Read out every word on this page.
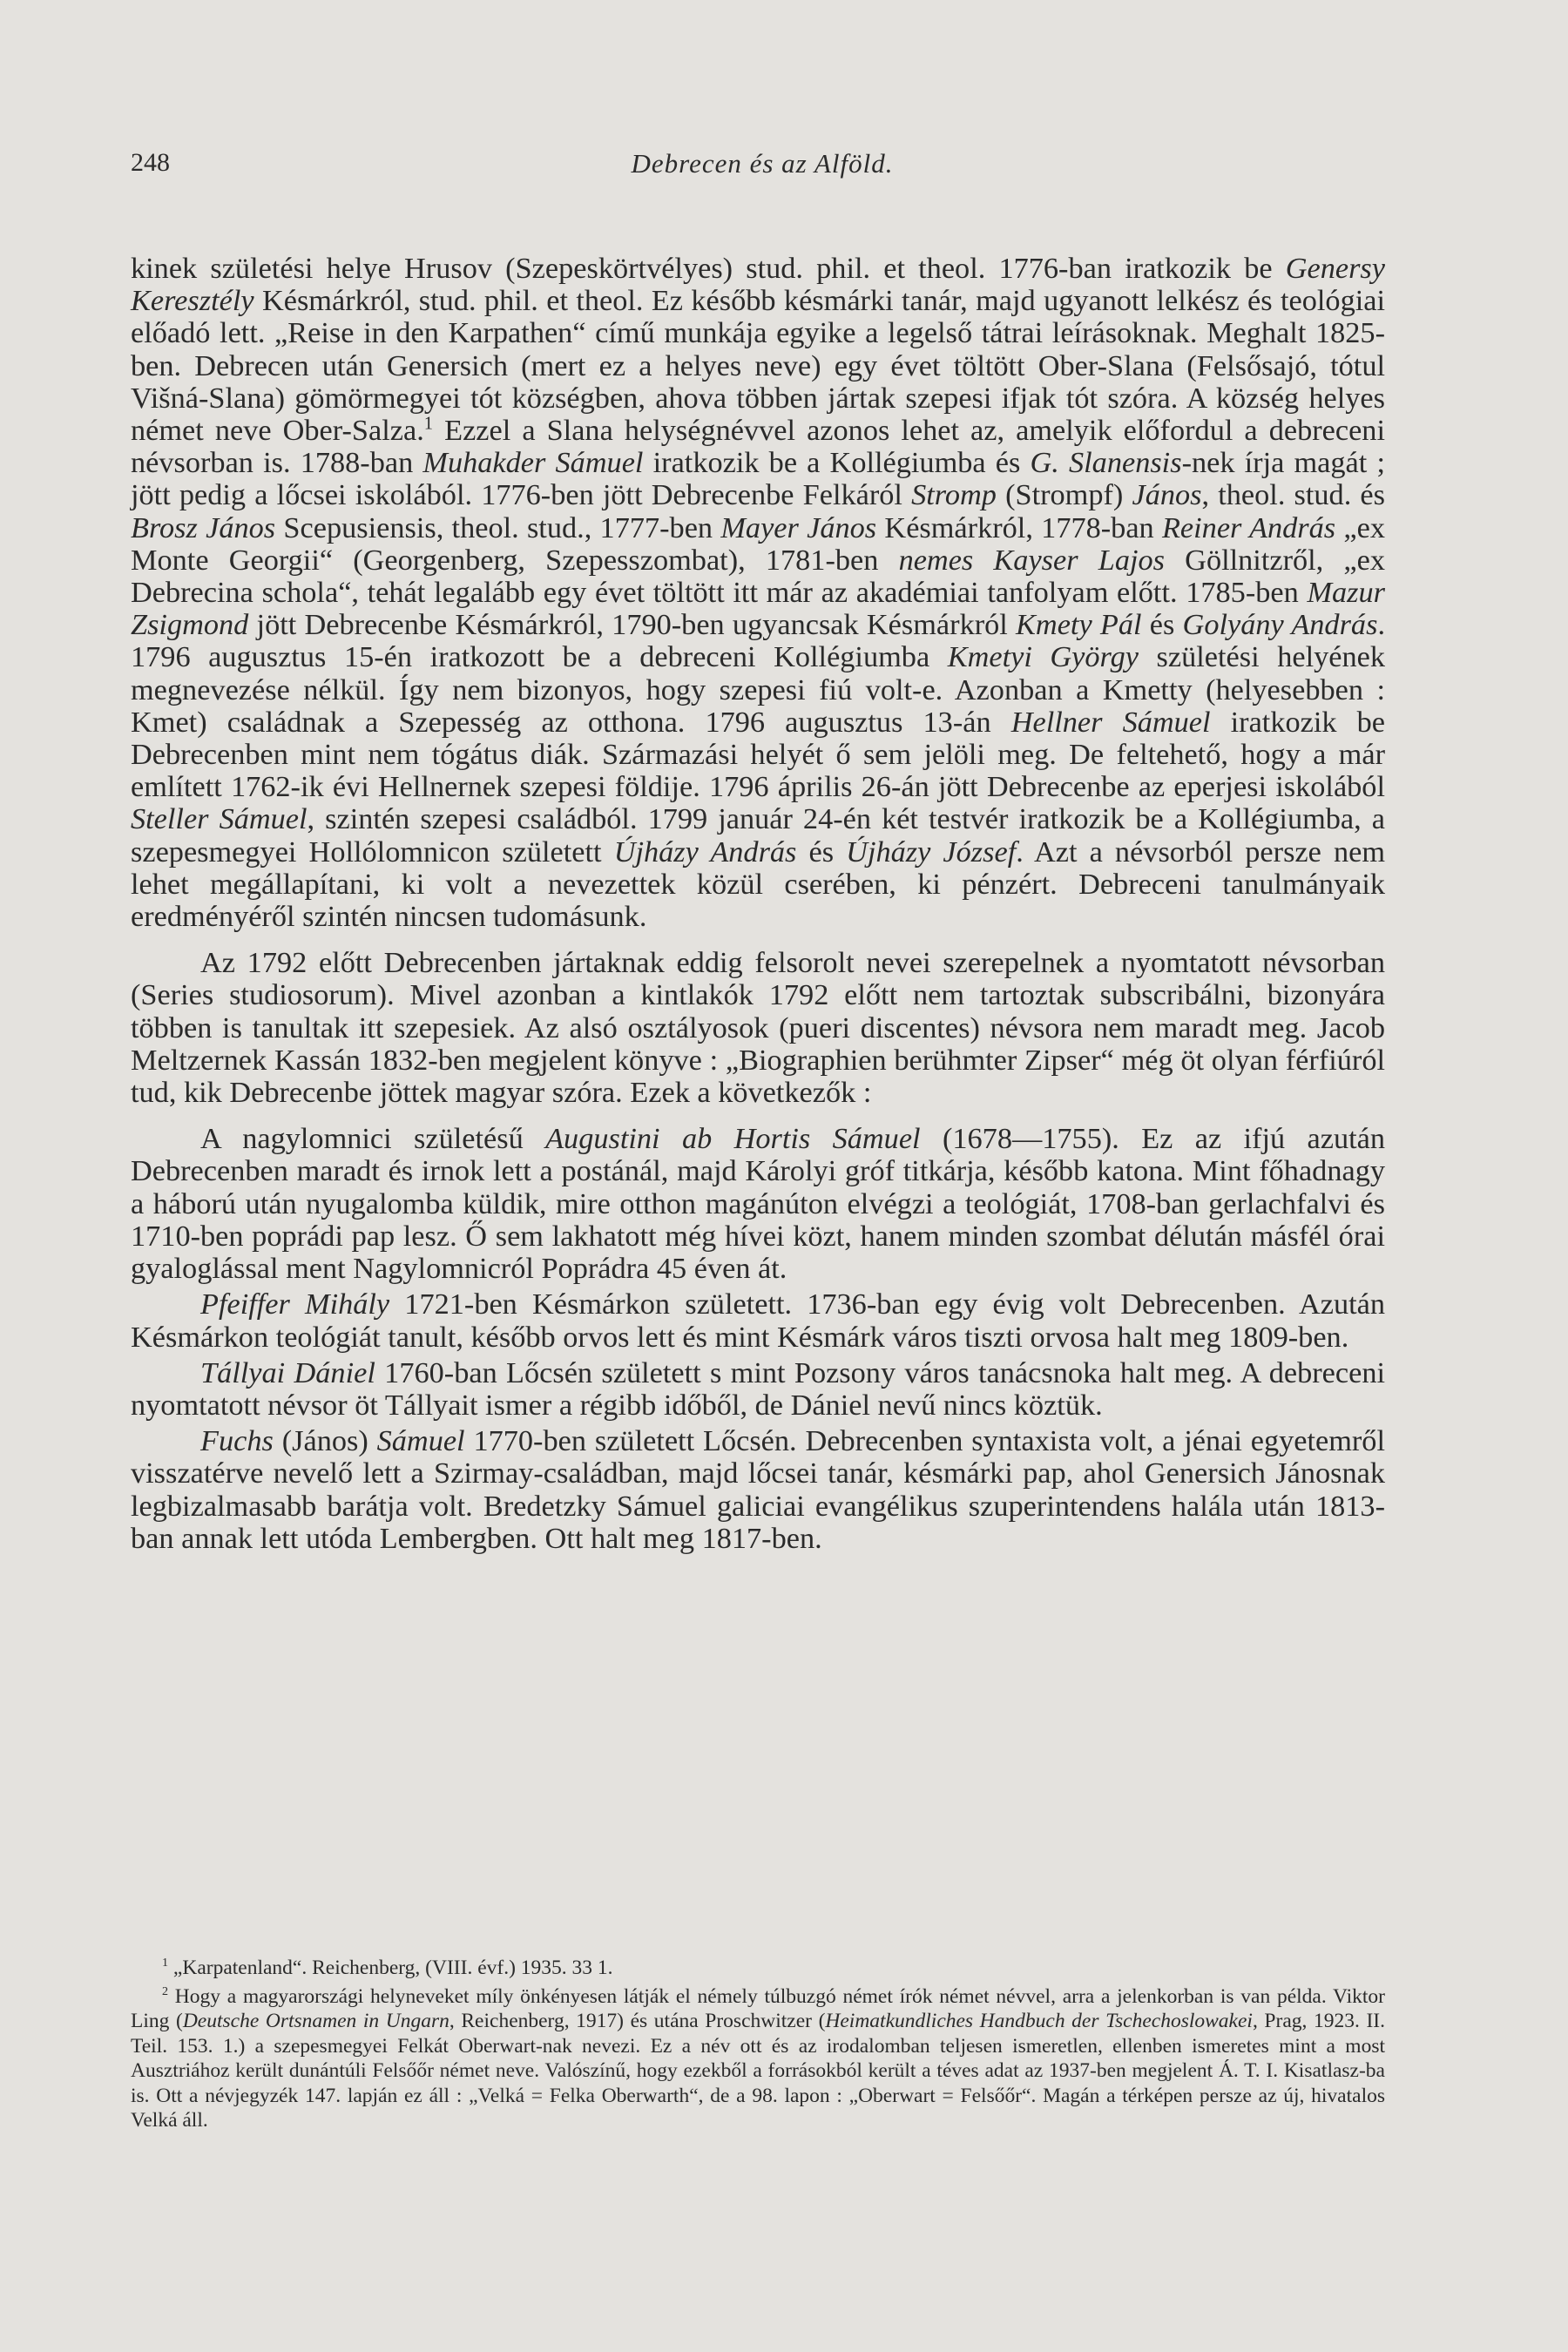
Debrecen és az Alföld.
248

kinek születési helye Hrusov (Szepeskörtvélyes) stud. phil. et theol. 1776-ban iratkozik be Genersy Keresztély Késmárkról, stud. phil. et theol. Ez később késmárki tanár, majd ugyanott lelkész és teológiai előadó lett. „Reise in den Karpathen“ című munkája egyike a legelső tátrai leírásoknak. Meghalt 1825-ben. Debrecen után Genersich (mert ez a helyes neve) egy évet töltött Ober-Slana (Felsősajó, tótul Višná-Slana) gömörmegyei tót községben, ahova többen jártak szepesi ifjak tót szóra. A község helyes német neve Ober-Salza.$^1$ Ezzel a Slana helységnévvel azonos lehet az, amelyik előfordul a debreceni névsorban is. 1788-ban Muhakder Sámuel iratkozik be a Kollégiumba és G. Slanensis-nek írja magát ; jött pedig a lőcsei iskolából. 1776-ben jött Debrecenbe Felkáról Stromp (Strompf) János, theol. stud. és Brosz János Scepusiensis, theol. stud., 1777-ben Mayer János Késmárkról, 1778-ban Reiner András „ex Monte Georgii“ (Georgenberg, Szepesszombat), 1781-ben nemes Kayser Lajos Göllnitzről, „ex Debrecina schola“, tehát legalább egy évet töltött itt már az akadémiai tanfolyam előtt. 1785-ben Mazur Zsigmond jött Debrecenbe Késmárkról, 1790-ben ugyancsak Késmárkról Kmety Pál és Golyány András. 1796 augusztus 15-én iratkozott be a debreceni Kollégiumba Kmetyi György születési helyének megnevezése nélkül. Így nem bizonyos, hogy szepesi fiú volt-e. Azonban a Kmetty (helyesebben : Kmet) családnak a Szepesség az otthona. 1796 augusztus 13-án Hellner Sámuel iratkozik be Debrecenben mint nem tógátus diák. Származási helyét ő sem jelöli meg. De feltehető, hogy a már említett 1762-ik évi Hellnernek szepesi földije. 1796 április 26-án jött Debrecenbe az eperjesi iskolából Steller Sámuel, szintén szepesi családból. 1799 január 24-én két testvér iratkozik be a Kollégiumba, a szepesmegyei Hollólomnicon született Újházy András és Újházy József. Azt a névsorból persze nem lehet megállapítani, ki volt a nevezettek közül cserében, ki pénzért. Debreceni tanulmányaik eredményéről szintén nincsen tudomásunk.

Az 1792 előtt Debrecenben jártaknak eddig felsorolt nevei szerepelnek a nyomtatott névsorban (Series studiosorum). Mivel azonban a kintlakók 1792 előtt nem tartoztak subscribálni, bizonyára többen is tanultak itt szepesiek. Az alsó osztályosok (pueri discentes) névsora nem maradt meg. Jacob Meltzernek Kassán 1832-ben megjelent könyve : „Biographien berühmter Zipser“ még öt olyan férfiúról tud, kik Debrecenbe jöttek magyar szóra. Ezek a következők :

A nagylomnici születésű Augustini ab Hortis Sámuel (1678—1755). Ez az ifjú azután Debrecenben maradt és irnok lett a postánál, majd Károlyi gróf titkárja, később katona. Mint főhadnagy a háború után nyugalomba küldik, mire otthon magánúton elvégzi a teológiát, 1708-ban gerlachfalvi és 1710-ben poprádi pap lesz. Ő sem lakhatott még hívei közt, hanem minden szombat délután másfél órai gyaloglással ment Nagylomnicról Poprádra 45 éven át.

Pfeiffer Mihály 1721-ben Késmárkon született. 1736-ban egy évig volt Debrecenben. Azután Késmárkon teológiát tanult, később orvos lett és mint Késmárk város tiszti orvosa halt meg 1809-ben.

Tállyai Dániel 1760-ban Lőcsén született s mint Pozsony város tanácsnoka halt meg. A debreceni nyomtatott névsor öt Tállyait ismer a régibb időből, de Dániel nevű nincs köztük.

Fuchs (János) Sámuel 1770-ben született Lőcsén. Debrecenben syntaxista volt, a jénai egyetemről visszatérve nevelő lett a Szirmay-családban, majd lőcsei tanár, késmárki pap, ahol Genersich Jánosnak legbizalmasabb barátja volt. Bredetzky Sámuel galiciai evangélikus szuperintendens halála után 1813-ban annak lett utóda Lembergben. Ott halt meg 1817-ben.

$^1$ „Karpatenland“. Reichenberg, (VIII. évf.) 1935. 33 1.

$^2$ Hogy a magyarországi helyneveket míly önkényesen látják el némely túlbuzgó német írók német névvel, arra a jelenkorban is van példa. Viktor Ling (Deutsche Ortsnamen in Ungarn, Reichenberg, 1917) és utána Proschwitzer (Heimatkundliches Handbuch der Tschechoslowakei, Prag, 1923. II. Teil. 153. 1.) a szepesmegyei Felkát Oberwart-nak nevezi. Ez a név ott és az irodalomban teljesen ismeretlen, ellenben ismeretes mint a most Ausztriához került dunántúli Felsőőr német neve. Valószínű, hogy ezekből a forrásokból került a téves adat az 1937-ben megjelent Á. T. I. Kisatlasz-ba is. Ott a névjegyzék 147. lapján ez áll : „Velká = Felka Oberwarth“, de a 98. lapon : „Oberwart = Felsőőr“. Magán a térképen persze az új, hivatalos Velká áll.
